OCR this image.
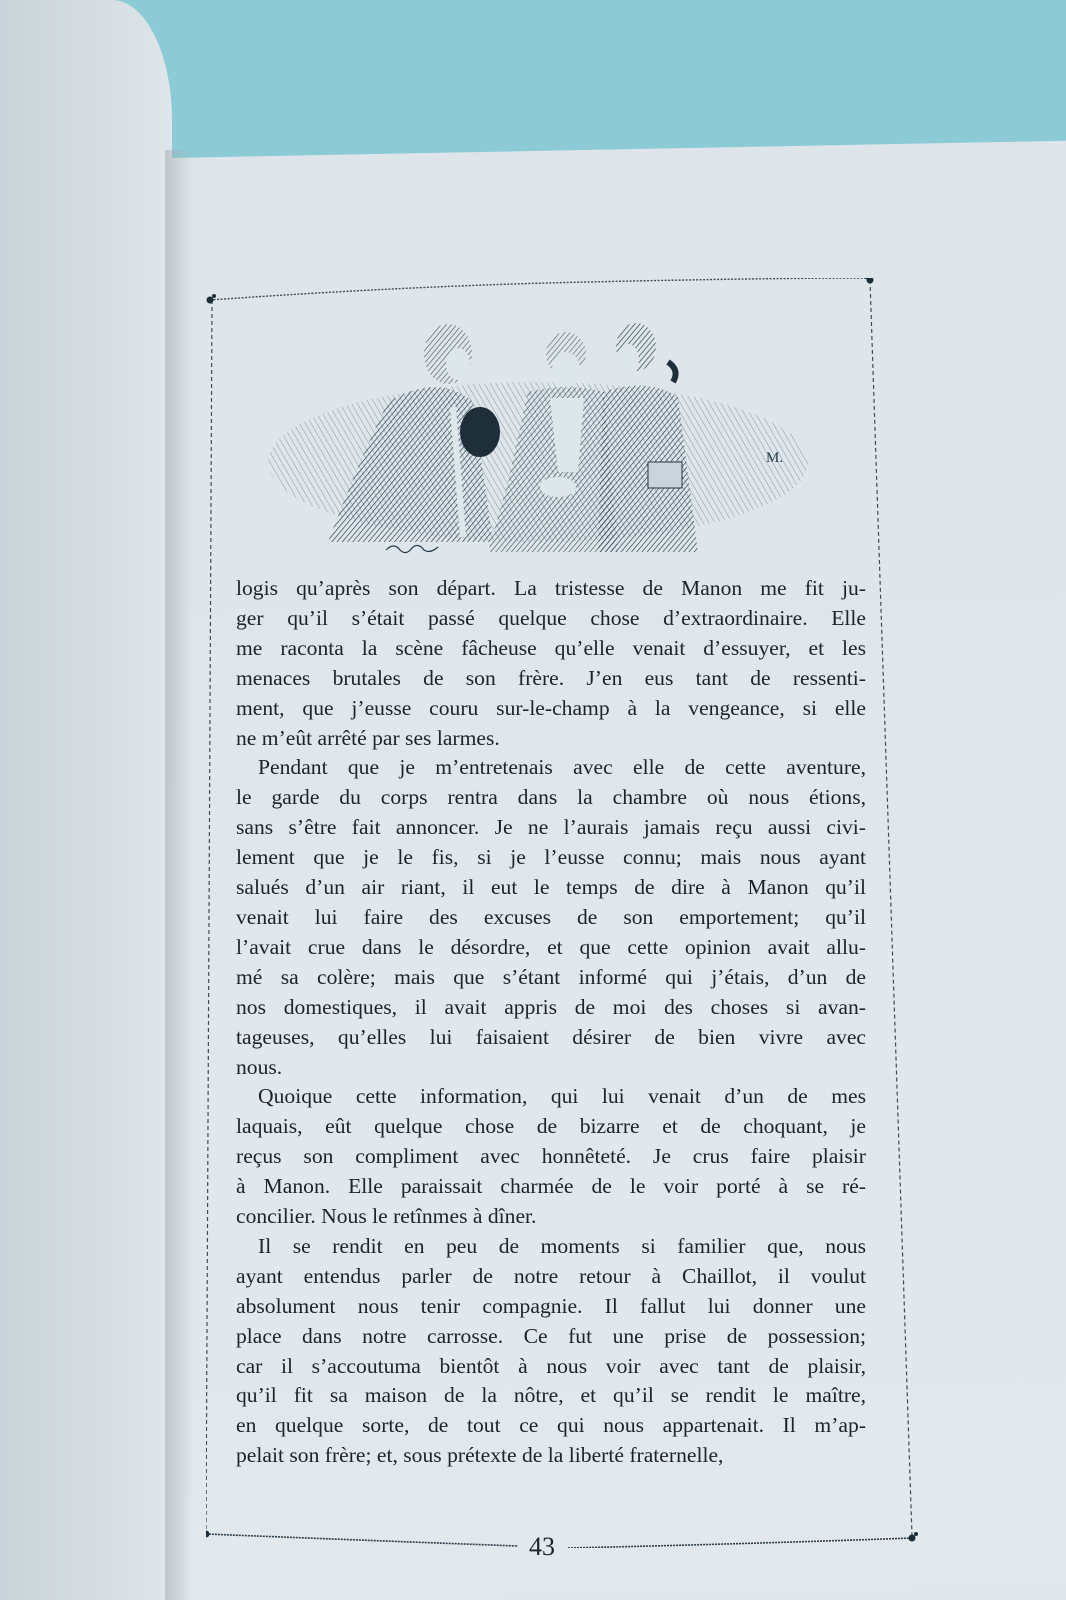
M.

logis qu’après son départ. La tristesse de Manon me fit ju-
ger qu’il s’était passé quelque chose d’extraordinaire. Elle
me raconta la scène fâcheuse qu’elle venait d’essuyer, et les
menaces brutales de son frère. J’en eus tant de ressenti-
ment, que j’eusse couru sur-le-champ à la vengeance, si elle
ne m’eût arrêté par ses larmes.

Pendant que je m’entretenais avec elle de cette aventure,
le garde du corps rentra dans la chambre où nous étions,
sans s’être fait annoncer. Je ne l’aurais jamais reçu aussi civi-
lement que je le fis, si je l’eusse connu; mais nous ayant
salués d’un air riant, il eut le temps de dire à Manon qu’il
venait lui faire des excuses de son emportement; qu’il
l’avait crue dans le désordre, et que cette opinion avait allu-
mé sa colère; mais que s’étant informé qui j’étais, d’un de
nos domestiques, il avait appris de moi des choses si avan-
tageuses, qu’elles lui faisaient désirer de bien vivre avec
nous.

Quoique cette information, qui lui venait d’un de mes
laquais, eût quelque chose de bizarre et de choquant, je
reçus son compliment avec honnêteté. Je crus faire plaisir
à Manon. Elle paraissait charmée de le voir porté à se ré-
concilier. Nous le retînmes à dîner.

Il se rendit en peu de moments si familier que, nous
ayant entendus parler de notre retour à Chaillot, il voulut
absolument nous tenir compagnie. Il fallut lui donner une
place dans notre carrosse. Ce fut une prise de possession;
car il s’accoutuma bientôt à nous voir avec tant de plaisir,
qu’il fit sa maison de la nôtre, et qu’il se rendit le maître,
en quelque sorte, de tout ce qui nous appartenait. Il m’ap-
pelait son frère; et, sous prétexte de la liberté fraternelle,

43
